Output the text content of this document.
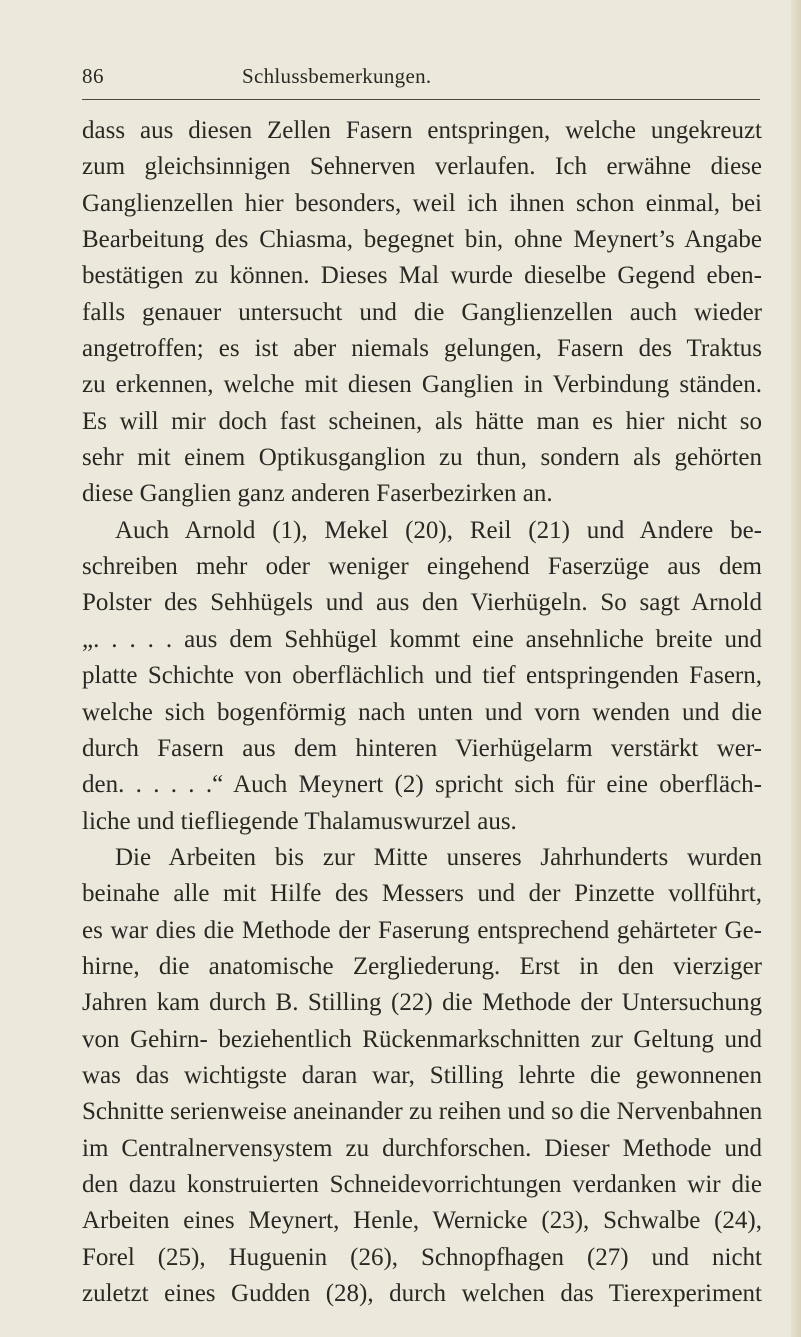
86	Schlussbemerkungen.
dass aus diesen Zellen Fasern entspringen, welche ungekreuzt
zum gleichsinnigen Sehnerven verlaufen. Ich erwähne diese
Ganglienzellen hier besonders, weil ich ihnen schon einmal, bei
Bearbeitung des Chiasma, begegnet bin, ohne Meynert’s Angabe
bestätigen zu können. Dieses Mal wurde dieselbe Gegend eben-
falls genauer untersucht und die Ganglienzellen auch wieder
angetroffen; es ist aber niemals gelungen, Fasern des Traktus
zu erkennen, welche mit diesen Ganglien in Verbindung ständen.
Es will mir doch fast scheinen, als hätte man es hier nicht so
sehr mit einem Optikusganglion zu thun, sondern als gehörten
diese Ganglien ganz anderen Faserbezirken an.
Auch Arnold (1), Mekel (20), Reil (21) und Andere be-
schreiben mehr oder weniger eingehend Faserzüge aus dem
Polster des Sehhügels und aus den Vierhügeln. So sagt Arnold
„. . . . . aus dem Sehhügel kommt eine ansehnliche breite und
platte Schichte von oberflächlich und tief entspringenden Fasern,
welche sich bogenförmig nach unten und vorn wenden und die
durch Fasern aus dem hinteren Vierhügelarm verstärkt wer-
den. . . . . .“ Auch Meynert (2) spricht sich für eine oberfläch-
liche und tiefliegende Thalamuswurzel aus.
Die Arbeiten bis zur Mitte unseres Jahrhunderts wurden
beinahe alle mit Hilfe des Messers und der Pinzette vollführt,
es war dies die Methode der Faserung entsprechend gehärteter Ge-
hirne, die anatomische Zergliederung. Erst in den vierziger
Jahren kam durch B. Stilling (22) die Methode der Untersuchung
von Gehirn- beziehentlich Rückenmarkschnitten zur Geltung und
was das wichtigste daran war, Stilling lehrte die gewonnenen
Schnitte serienweise aneinander zu reihen und so die Nervenbahnen
im Centralnervensystem zu durchforschen. Dieser Methode und
den dazu konstruierten Schneidevorrichtungen verdanken wir die
Arbeiten eines Meynert, Henle, Wernicke (23), Schwalbe (24),
Forel (25), Huguenin (26), Schnopfhagen (27) und nicht
zuletzt eines Gudden (28), durch welchen das Tierexperiment
